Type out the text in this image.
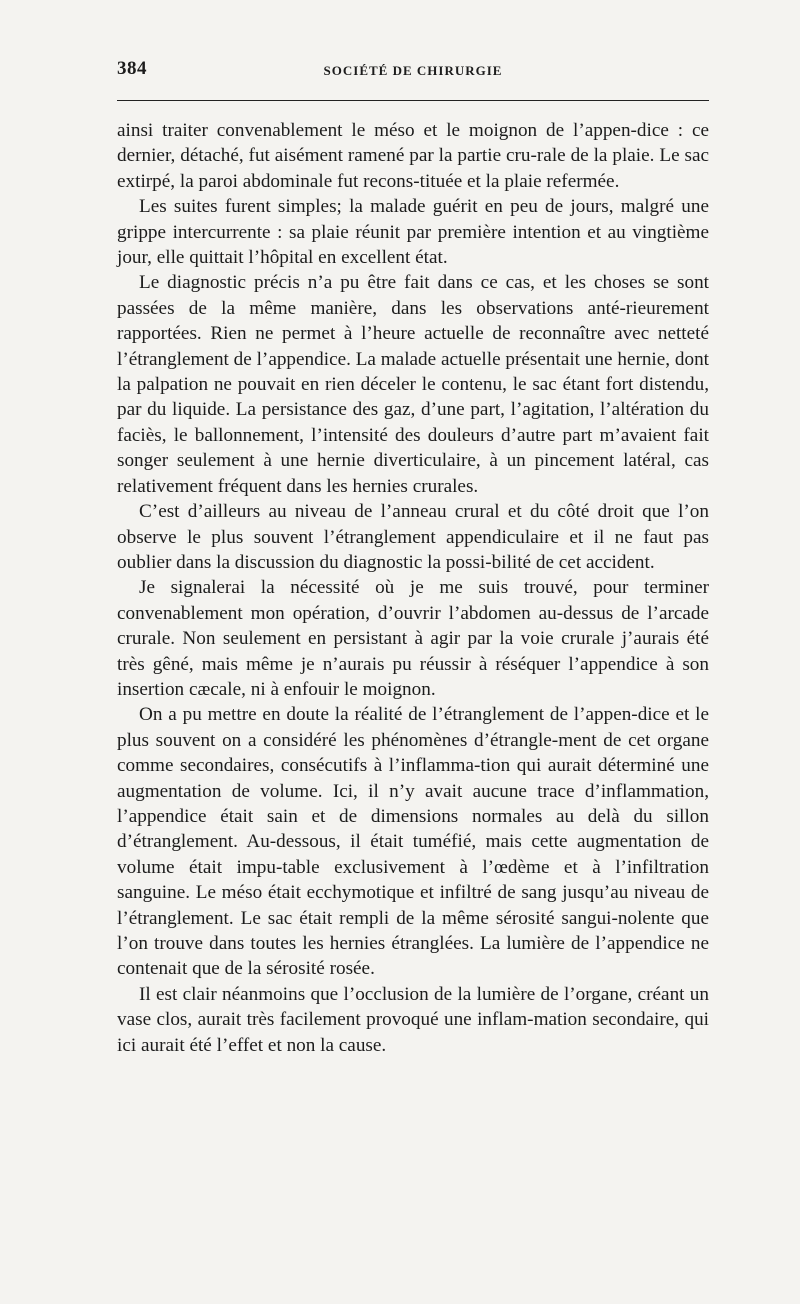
384	SOCIÉTÉ DE CHIRURGIE

ainsi traiter convenablement le méso et le moignon de l’appen-dice : ce dernier, détaché, fut aisément ramené par la partie cru-rale de la plaie. Le sac extirpé, la paroi abdominale fut recons-tituée et la plaie refermée.

Les suites furent simples; la malade guérit en peu de jours, malgré une grippe intercurrente : sa plaie réunit par première intention et au vingtième jour, elle quittait l’hôpital en excellent état.

Le diagnostic précis n’a pu être fait dans ce cas, et les choses se sont passées de la même manière, dans les observations anté-rieurement rapportées. Rien ne permet à l’heure actuelle de reconnaître avec netteté l’étranglement de l’appendice. La malade actuelle présentait une hernie, dont la palpation ne pouvait en rien déceler le contenu, le sac étant fort distendu, par du liquide. La persistance des gaz, d’une part, l’agitation, l’altération du faciès, le ballonnement, l’intensité des douleurs d’autre part m’avaient fait songer seulement à une hernie diverticulaire, à un pincement latéral, cas relativement fréquent dans les hernies crurales.

C’est d’ailleurs au niveau de l’anneau crural et du côté droit que l’on observe le plus souvent l’étranglement appendiculaire et il ne faut pas oublier dans la discussion du diagnostic la possi-bilité de cet accident.

Je signalerai la nécessité où je me suis trouvé, pour terminer convenablement mon opération, d’ouvrir l’abdomen au-dessus de l’arcade crurale. Non seulement en persistant à agir par la voie crurale j’aurais été très gêné, mais même je n’aurais pu réussir à réséquer l’appendice à son insertion cæcale, ni à enfouir le moignon.

On a pu mettre en doute la réalité de l’étranglement de l’appen-dice et le plus souvent on a considéré les phénomènes d’étrangle-ment de cet organe comme secondaires, consécutifs à l’inflamma-tion qui aurait déterminé une augmentation de volume. Ici, il n’y avait aucune trace d’inflammation, l’appendice était sain et de dimensions normales au delà du sillon d’étranglement. Au-dessous, il était tuméfié, mais cette augmentation de volume était impu-table exclusivement à l’œdème et à l’infiltration sanguine. Le méso était ecchymotique et infiltré de sang jusqu’au niveau de l’étranglement. Le sac était rempli de la même sérosité sangui-nolente que l’on trouve dans toutes les hernies étranglées. La lumière de l’appendice ne contenait que de la sérosité rosée.

Il est clair néanmoins que l’occlusion de la lumière de l’organe, créant un vase clos, aurait très facilement provoqué une inflam-mation secondaire, qui ici aurait été l’effet et non la cause.
